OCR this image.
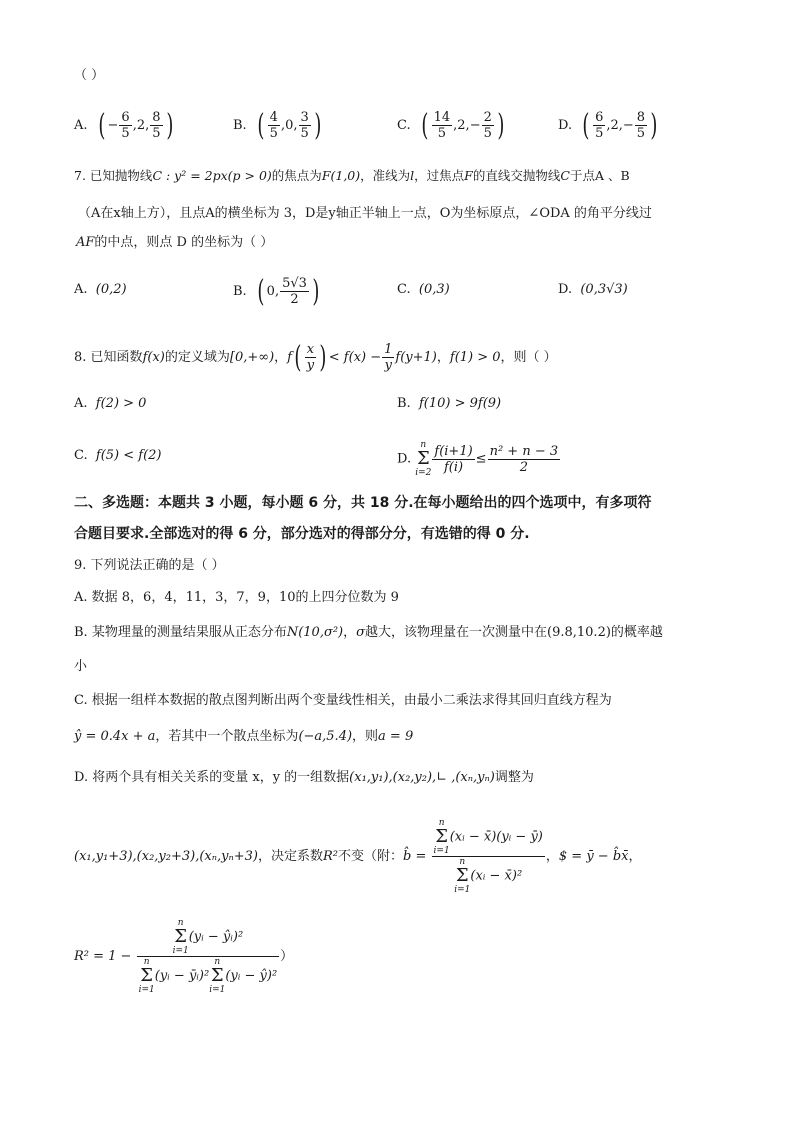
（ ）
A. ( − $\frac{6}{5} ,2$, $\frac{8}{5}$ )	B. ( $\frac{4}{5} ,0$, $\frac{3}{5}$ )	C. ( $\frac{14}{5} ,2,- \frac{2}{5}$ )	D. ( $\frac{6}{5} ,2,- \frac{8}{5}$ )
7. 已知抛物线C : y² = 2px(p > 0)的焦点为F(1,0)，准线为l，过焦点F的直线交抛物线C于点A 、B
（A在x轴上方），且点A的横坐标为 3，D是y轴正半轴上一点，O为坐标原点，∠ODA 的角平分线过
AF的中点，则点 D 的坐标为（ ）
A. (0,2)	B. ( 0, $\frac{5√3}{2}$ )	C. (0,3)	D. (0,3√3)
8. 已知函数f(x)的定义域为[0,+∞)，$f( \frac{x}{y}$ ) < $f(x) - \frac{1}{y} f(y+1)$，f(1) > 0，则（ ）
A. f(2) > 0	B. f(10) > 9f(9)
C. f(5) < f(2)	D. n
Σ
$i=2 \frac{f(i+1)}{f(i)} \le \frac{\text{n² + n − 3}}{2}$
二、多选题：本题共 3 小题，每小题 6 分，共 18 分.在每小题给出的四个选项中，有多项符
合题目要求.全部选对的得 6 分，部分选对的得部分分，有选错的得 0 分.
9. 下列说法正确的是（ ）
A. 数据 8，6，4，11，3，7，9，10的上四分位数为 9
B. 某物理量的测量结果服从正态分布N(10,σ²)，σ越大，该物理量在一次测量中在(9.8,10.2)的概率越
小
C. 根据一组样本数据的散点图判断出两个变量线性相关，由最小二乘法求得其回归直线方程为
ŷ = 0.4x + a，若其中一个散点坐标为(−a,5.4)，则a = 9
D. 将两个具有相关关系的变量 x，y 的一组数据(x₁,y₁),(x₂,y₂),∟ ,(xₙ,yₙ)调整为
(x₁,y₁+3),(x₂,y₂+3),(xₙ,yₙ+3)，决定系数R²不变（附：b̂ = n
Σ
i=1(xᵢ − x̄)(yᵢ − ȳ)
n
Σ
i=1(xᵢ − x̄)² ，$ = ȳ − b̂x̄，
R² = 1 − n
Σ
i=1(yᵢ − ŷᵢ)²
n
Σ
i=1(yᵢ − ȳᵢ)²n
Σ
i=1(yᵢ − ŷ)² ）
